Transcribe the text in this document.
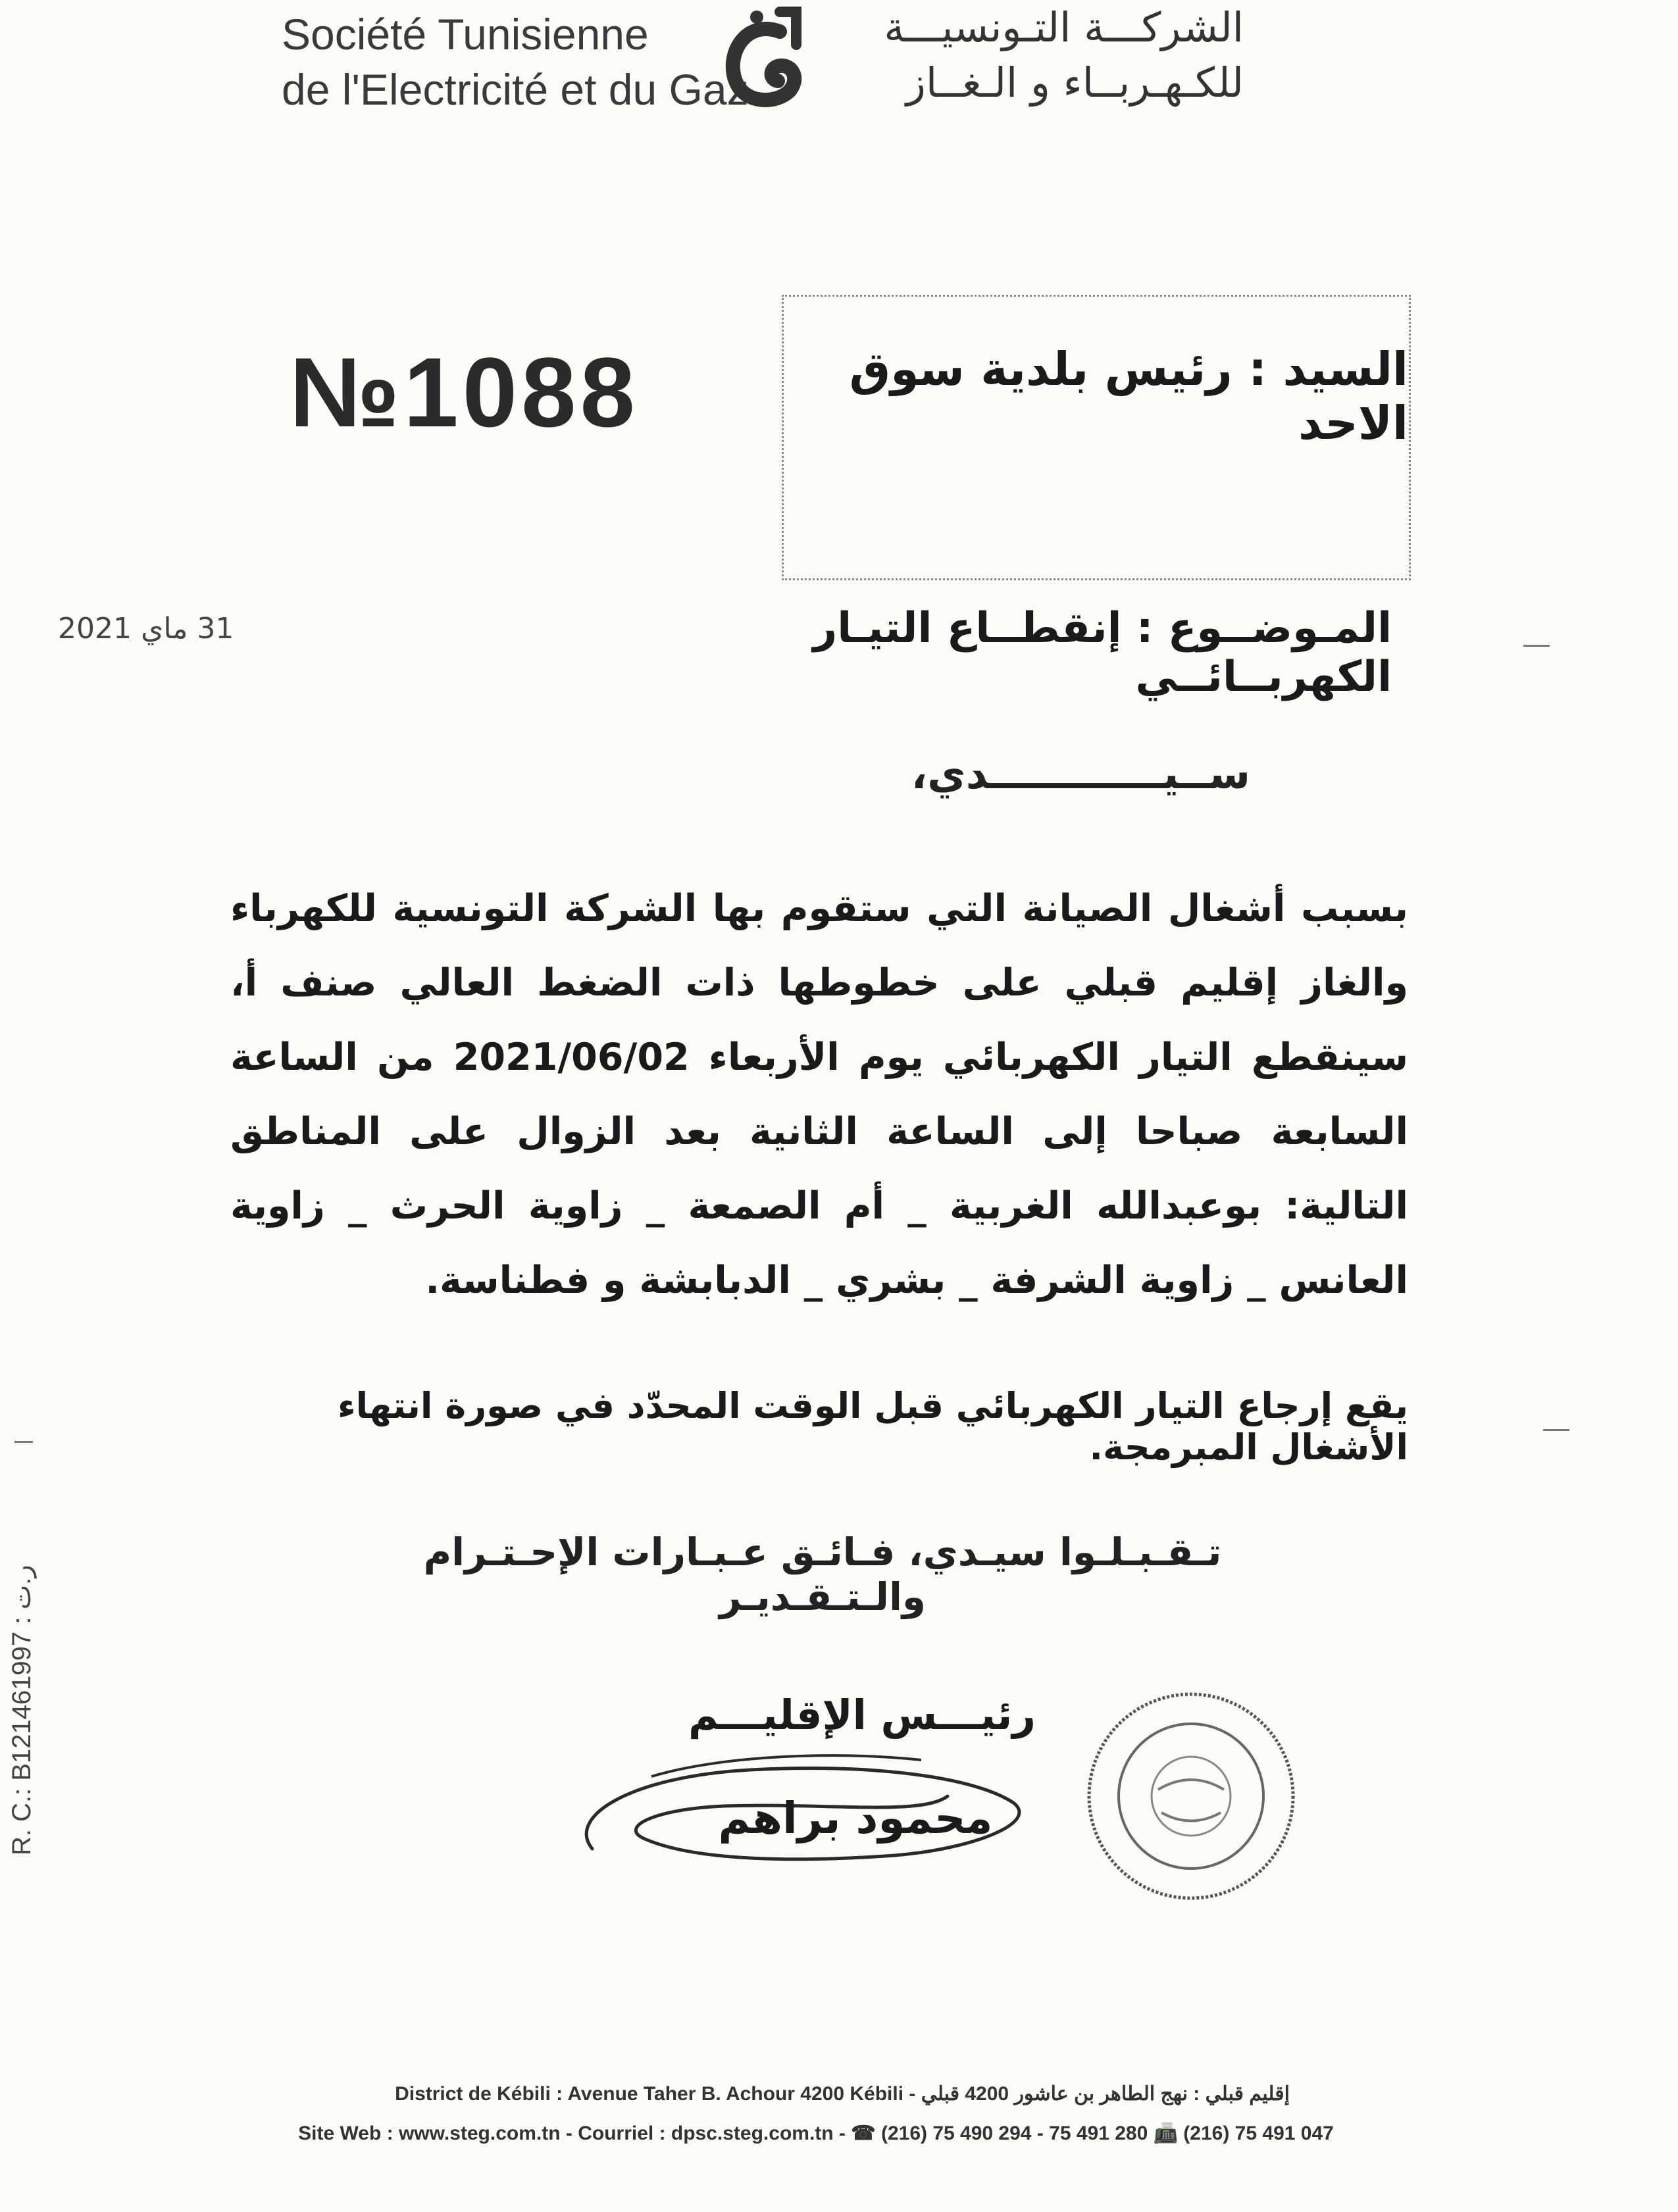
Société Tunisienne
de l'Electricité et du Gaz
الشركـــة التـونسيـــة
للكـهـربــاء و الـغــاز
№1088	السيد : رئيس بلدية سوق الاحد
31 ماي 2021	المـوضــوع : إنقطــاع التيـار الكهربــائــي
ســيــــــــــــدي،
بسبب أشغال الصيانة التي ستقوم بها الشركة التونسية للكهرباء والغاز إقليم قبلي على خطوطها ذات الضغط العالي صنف أ، سينقطع التيار الكهربائي يوم الأربعاء 2021/06/02 من الساعة السابعة صباحا إلى الساعة الثانية بعد الزوال على المناطق التالية: بوعبدالله الغربية _ أم الصمعة _ زاوية الحرث _ زاوية العانس _ زاوية الشرفة _ بشري _ الدبابشة و فطناسة.
يقع إرجاع التيار الكهربائي قبل الوقت المحدّد في صورة انتهاء الأشغال المبرمجة.
تـقـبـلـوا سيـدي، فـائـق عـبـارات الإحـتـرام والـتـقـديـر
رئيـــس الإقليـــم
محمود براهم
R. C.: B121461997 : ر.ت
District de Kébili : Avenue Taher B. Achour 4200 Kébili - إقليم قبلي : نهج الطاهر بن عاشور 4200 قبلي
Site Web : www.steg.com.tn - Courriel : dpsc.steg.com.tn - ☎ (216) 75 490 294 - 75 491 280 📠 (216) 75 491 047
